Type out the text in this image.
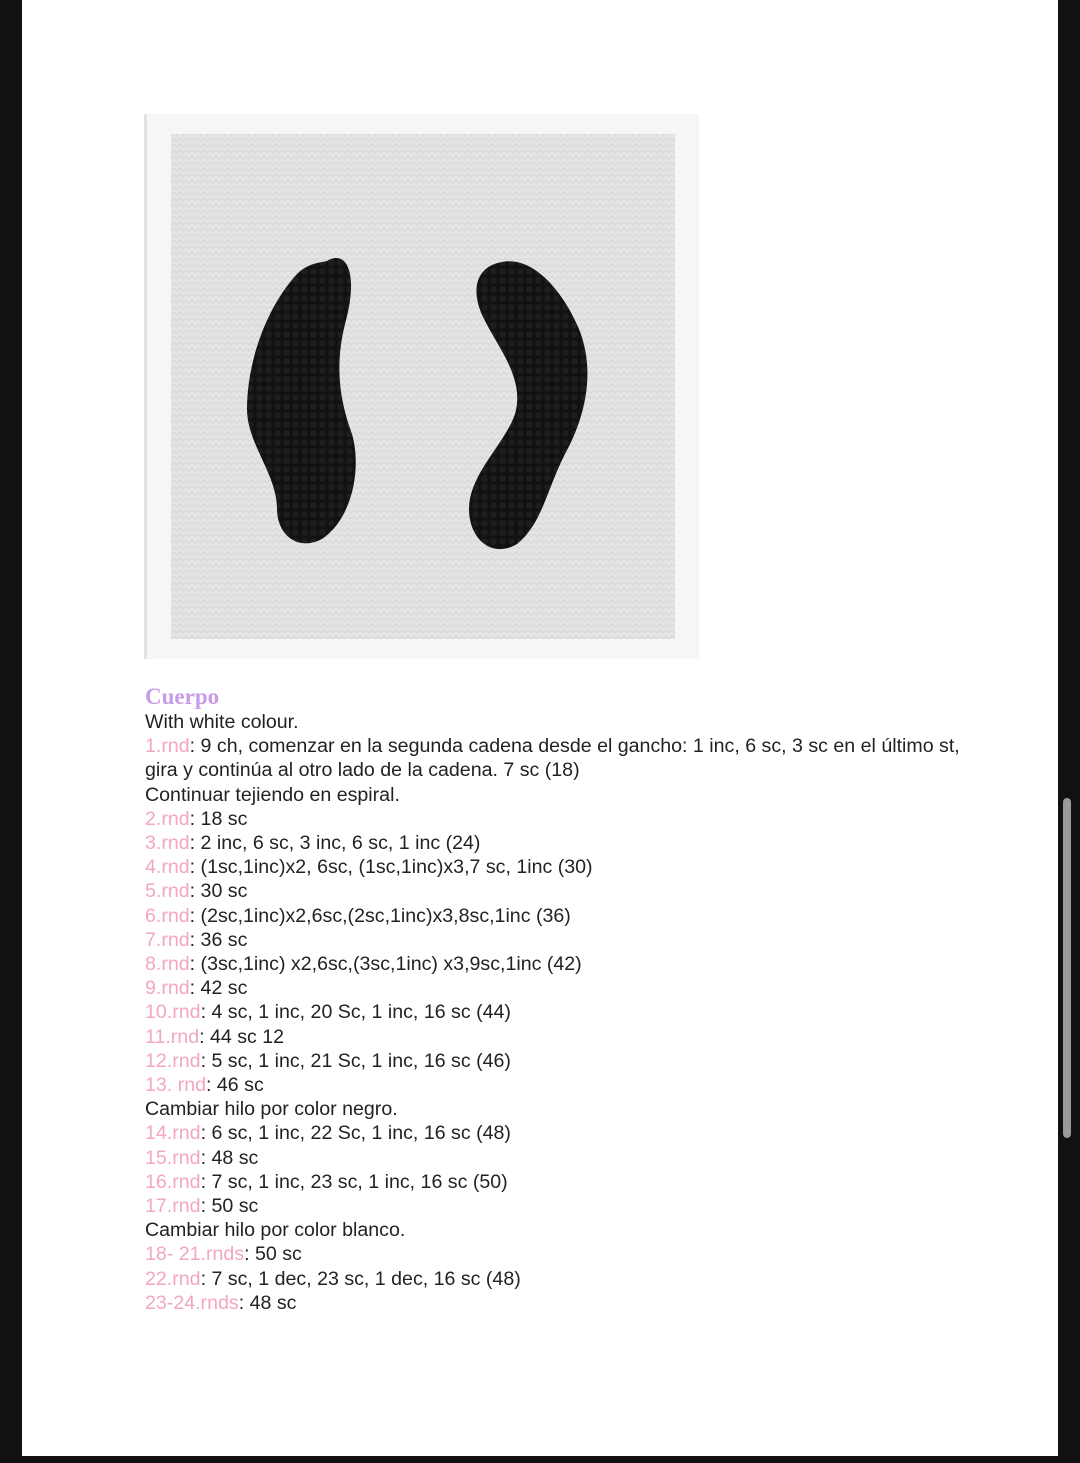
Cuerpo
With white colour.
1.rnd: 9 ch, comenzar en la segunda cadena desde el gancho: 1 inc, 6 sc, 3 sc en el último st, gira y continúa al otro lado de la cadena. 7 sc (18)
Continuar tejiendo en espiral.
2.rnd: 18 sc
3.rnd: 2 inc, 6 sc, 3 inc, 6 sc, 1 inc (24)
4.rnd: (1sc,1inc)x2, 6sc, (1sc,1inc)x3,7 sc, 1inc (30)
5.rnd: 30 sc
6.rnd: (2sc,1inc)x2,6sc,(2sc,1inc)x3,8sc,1inc (36)
7.rnd: 36 sc
8.rnd: (3sc,1inc) x2,6sc,(3sc,1inc) x3,9sc,1inc (42)
9.rnd: 42 sc
10.rnd: 4 sc, 1 inc, 20 Sc, 1 inc, 16 sc (44)
11.rnd: 44 sc 12
12.rnd: 5 sc, 1 inc, 21 Sc, 1 inc, 16 sc (46)
13. rnd: 46 sc
Cambiar hilo por color negro.
14.rnd: 6 sc, 1 inc, 22 Sc, 1 inc, 16 sc (48)
15.rnd: 48 sc
16.rnd: 7 sc, 1 inc, 23 sc, 1 inc, 16 sc (50)
17.rnd: 50 sc
Cambiar hilo por color blanco.
18- 21.rnds: 50 sc
22.rnd: 7 sc, 1 dec, 23 sc, 1 dec, 16 sc (48)
23-24.rnds: 48 sc
